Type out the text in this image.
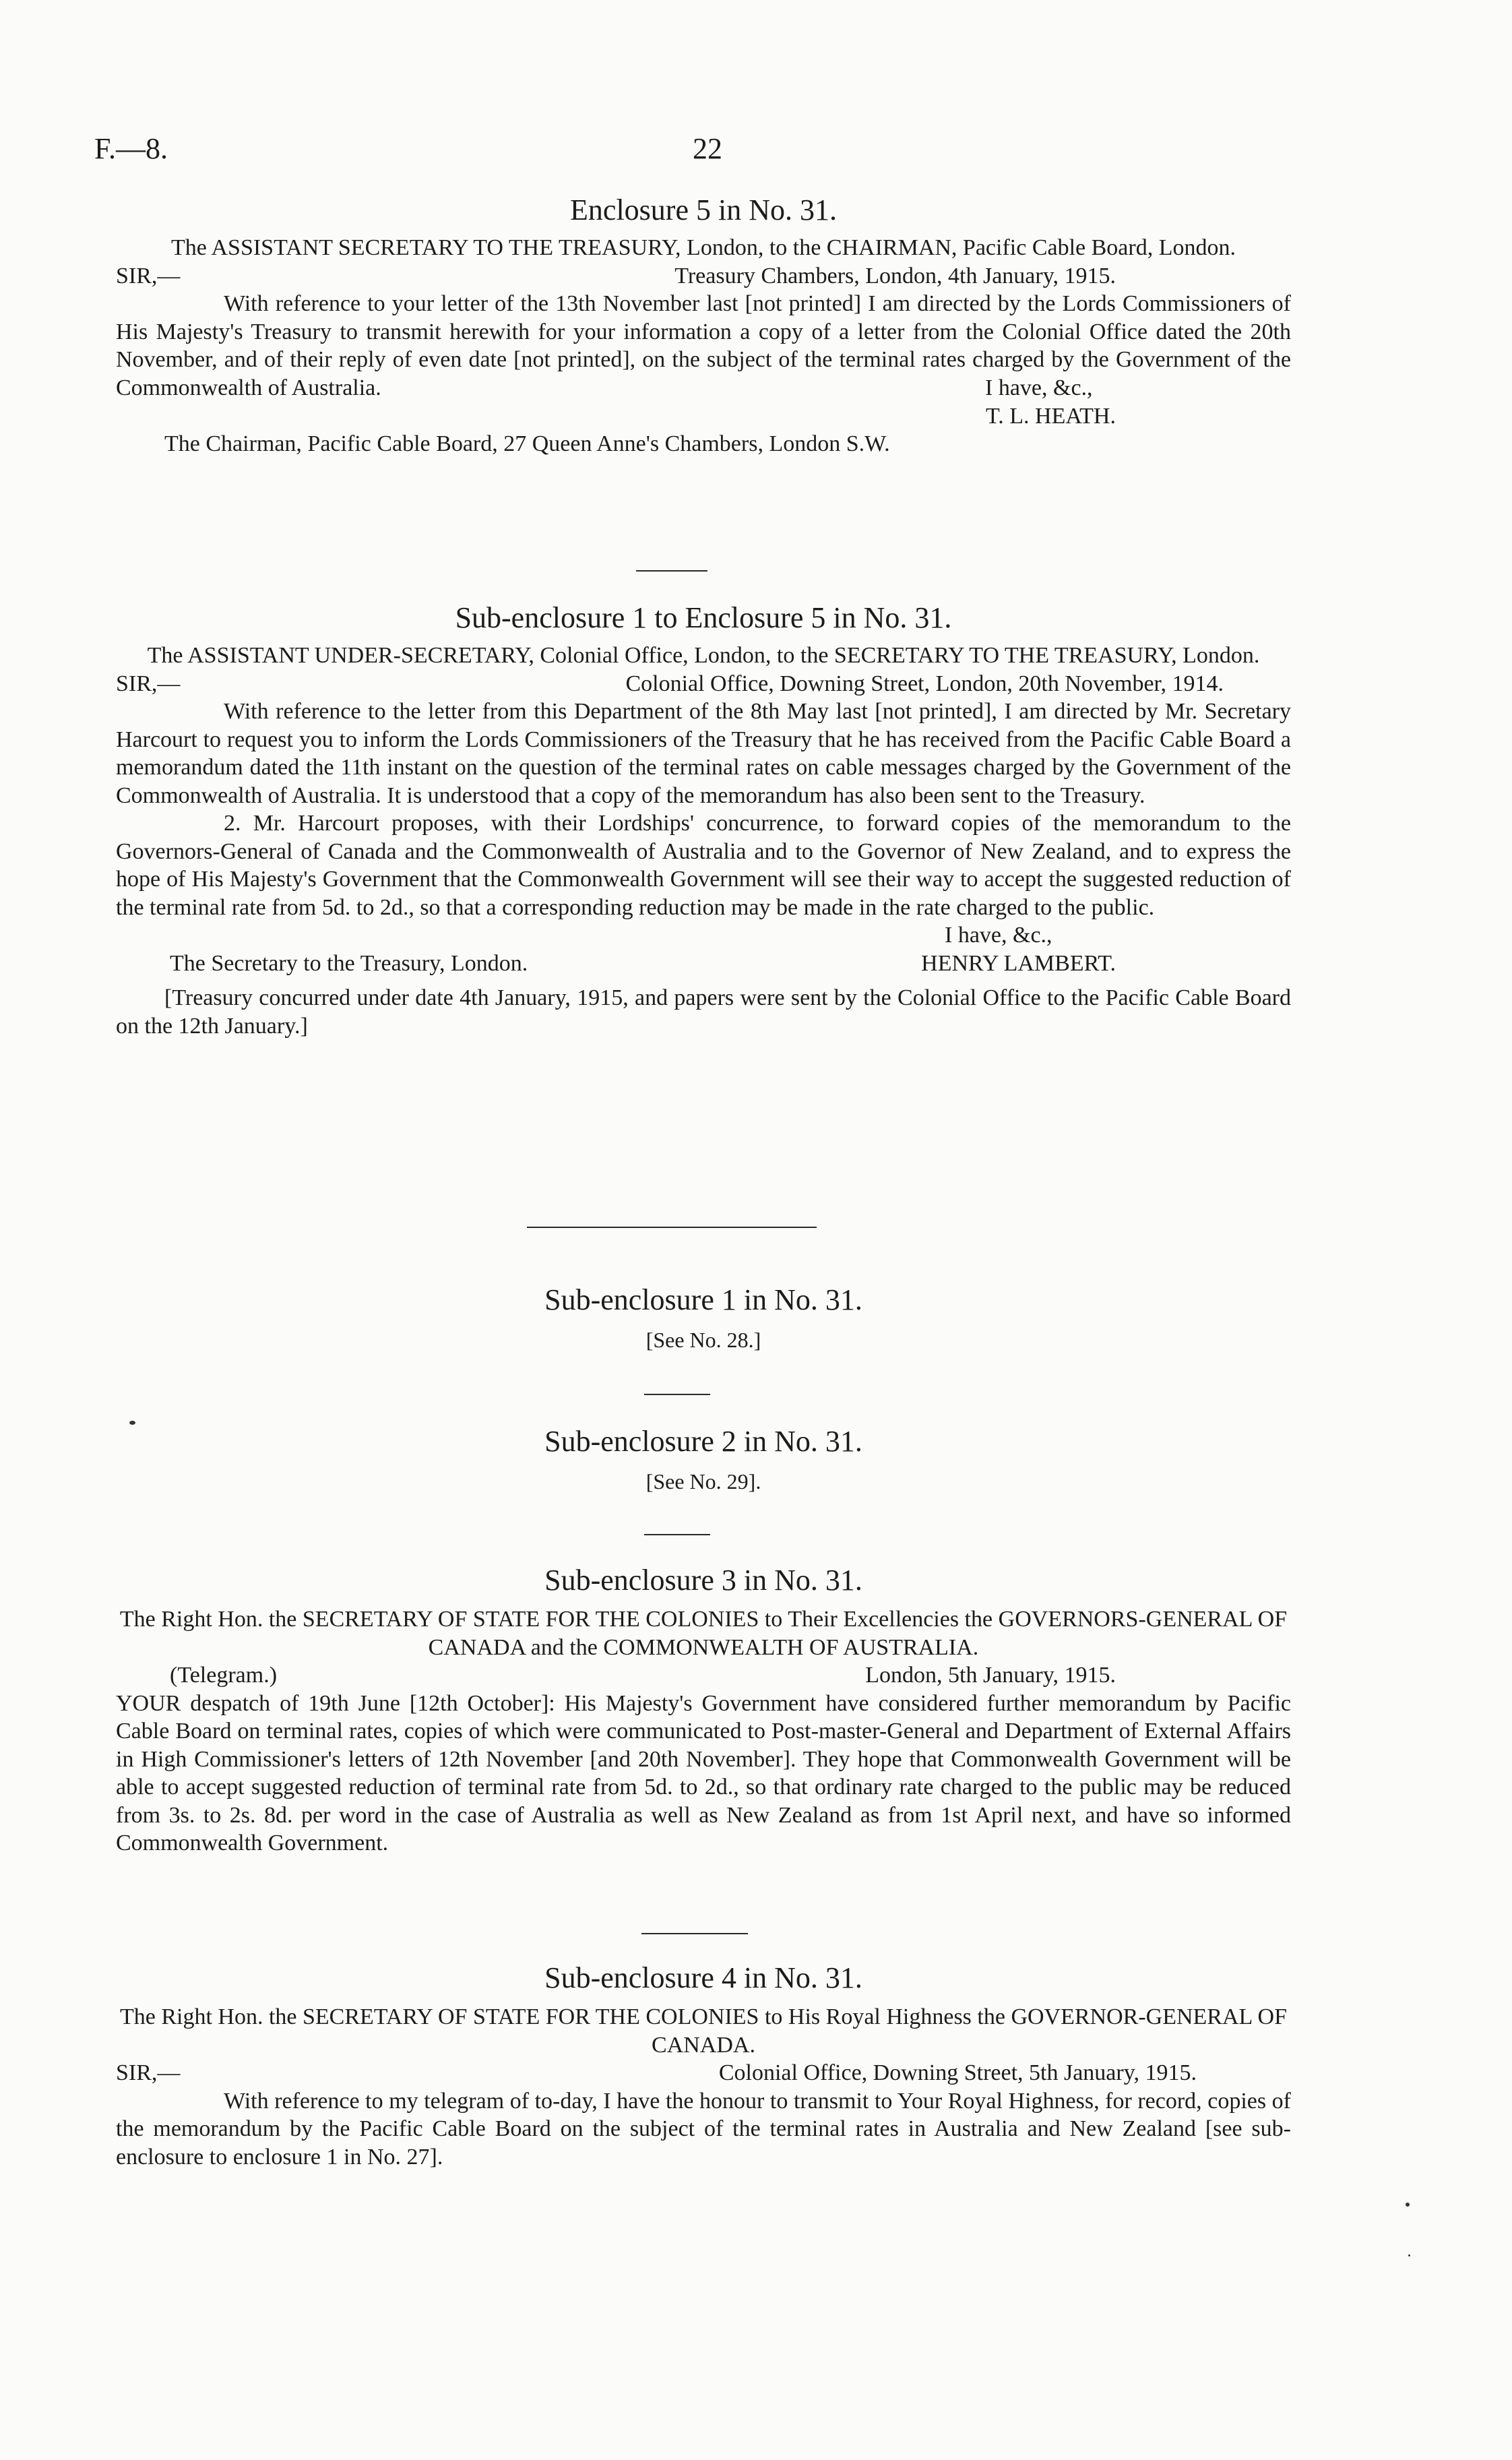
F.—8.	22

Enclosure 5 in No. 31.

The ASSISTANT SECRETARY TO THE TREASURY, London, to the CHAIRMAN, Pacific Cable Board, London.

SIR,—	Treasury Chambers, London, 4th January, 1915.

With reference to your letter of the 13th November last [not printed] I am directed by the Lords Commissioners of His Majesty's Treasury to transmit herewith for your information a copy of a letter from the Colonial Office dated the 20th November, and of their reply of even date [not printed], on the subject of the terminal rates charged by the Government of the Commonwealth of Australia.	I have, &c.,

T. L. HEATH.

The Chairman, Pacific Cable Board, 27 Queen Anne's Chambers, London S.W.

Sub-enclosure 1 to Enclosure 5 in No. 31.

The ASSISTANT UNDER-SECRETARY, Colonial Office, London, to the SECRETARY TO THE TREASURY, London.

SIR,—	Colonial Office, Downing Street, London, 20th November, 1914.

With reference to the letter from this Department of the 8th May last [not printed], I am directed by Mr. Secretary Harcourt to request you to inform the Lords Commissioners of the Treasury that he has received from the Pacific Cable Board a memorandum dated the 11th instant on the question of the terminal rates on cable messages charged by the Government of the Commonwealth of Australia. It is understood that a copy of the memorandum has also been sent to the Treasury.

2. Mr. Harcourt proposes, with their Lordships' concurrence, to forward copies of the memorandum to the Governors-General of Canada and the Commonwealth of Australia and to the Governor of New Zealand, and to express the hope of His Majesty's Government that the Commonwealth Government will see their way to accept the suggested reduction of the terminal rate from 5d. to 2d., so that a corresponding reduction may be made in the rate charged to the public.

I have, &c.,

The Secretary to the Treasury, London.	HENRY LAMBERT.

[Treasury concurred under date 4th January, 1915, and papers were sent by the Colonial Office to the Pacific Cable Board on the 12th January.]

Sub-enclosure 1 in No. 31.

[See No. 28.]

Sub-enclosure 2 in No. 31.

[See No. 29].

Sub-enclosure 3 in No. 31.

The Right Hon. the SECRETARY OF STATE FOR THE COLONIES to Their Excellencies the GOVERNORS-GENERAL OF CANADA and the COMMONWEALTH OF AUSTRALIA.

(Telegram.)	London, 5th January, 1915.

YOUR despatch of 19th June [12th October]: His Majesty's Government have considered further memorandum by Pacific Cable Board on terminal rates, copies of which were communicated to Post-master-General and Department of External Affairs in High Commissioner's letters of 12th November [and 20th November]. They hope that Commonwealth Government will be able to accept suggested reduction of terminal rate from 5d. to 2d., so that ordinary rate charged to the public may be reduced from 3s. to 2s. 8d. per word in the case of Australia as well as New Zealand as from 1st April next, and have so informed Commonwealth Government.

Sub-enclosure 4 in No. 31.

The Right Hon. the SECRETARY OF STATE FOR THE COLONIES to His Royal Highness the GOVERNOR-GENERAL OF CANADA.

SIR,—	Colonial Office, Downing Street, 5th January, 1915.

With reference to my telegram of to-day, I have the honour to transmit to Your Royal Highness, for record, copies of the memorandum by the Pacific Cable Board on the subject of the terminal rates in Australia and New Zealand [see sub-enclosure to enclosure 1 in No. 27].
